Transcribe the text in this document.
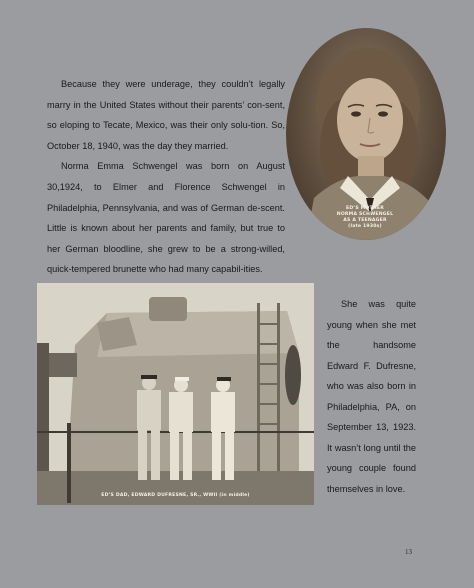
Because they were underage, they couldn’t legally marry in the United States without their parents’ con-sent, so eloping to Tecate, Mexico, was their only solu-tion. So, October 18, 1940, was the day they married.

Norma Emma Schwengel was born on August 30,1924, to Elmer and Florence Schwengel in Philadelphia, Pennsylvania, and was of German de-scent. Little is known about her parents and family, but true to her German bloodline, she grew to be a strong-willed, quick-tempered brunette who had many capabil-ities.

ED’S MOTHER
NORMA SCHWENGEL
AS A TEENAGER
(late 1930s)
ED’S DAD, EDWARD DUFRESNE, SR., WWII (in middle)

She was quite young when she met the handsome Edward F. Dufresne, who was also born in Philadelphia, PA, on September 13, 1923. It wasn’t long until the young couple found themselves in love.

13
